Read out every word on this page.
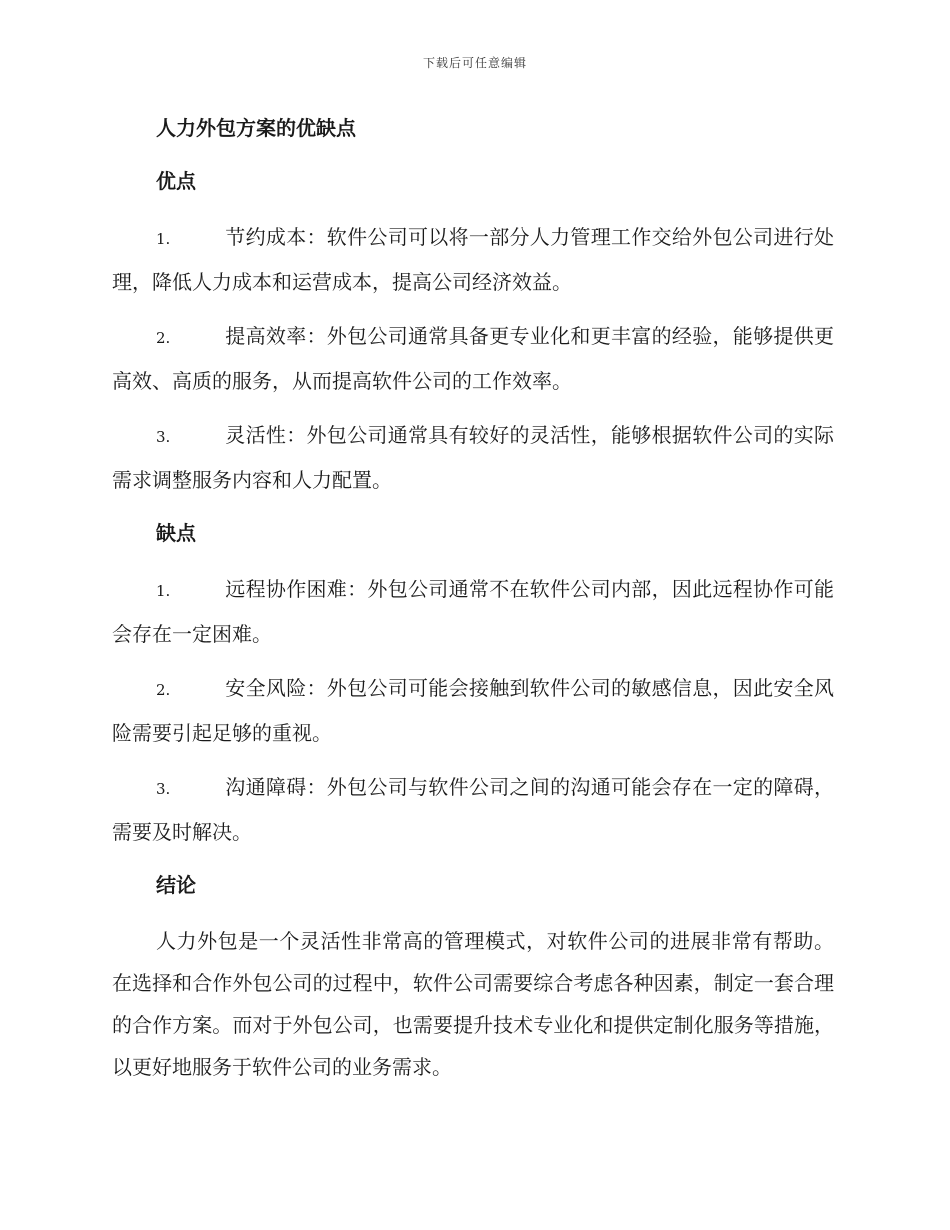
下载后可任意编辑
人力外包方案的优缺点
优点
1.	节约成本：软件公司可以将一部分人力管理工作交给外包公司进行处理，降低人力成本和运营成本，提高公司经济效益。
2.	提高效率：外包公司通常具备更专业化和更丰富的经验，能够提供更高效、高质的服务，从而提高软件公司的工作效率。
3.	灵活性：外包公司通常具有较好的灵活性，能够根据软件公司的实际需求调整服务内容和人力配置。
缺点
1.	远程协作困难：外包公司通常不在软件公司内部，因此远程协作可能会存在一定困难。
2.	安全风险：外包公司可能会接触到软件公司的敏感信息，因此安全风险需要引起足够的重视。
3.	沟通障碍：外包公司与软件公司之间的沟通可能会存在一定的障碍，需要及时解决。
结论

人力外包是一个灵活性非常高的管理模式，对软件公司的进展非常有帮助。在选择和合作外包公司的过程中，软件公司需要综合考虑各种因素，制定一套合理的合作方案。而对于外包公司，也需要提升技术专业化和提供定制化服务等措施，以更好地服务于软件公司的业务需求。
